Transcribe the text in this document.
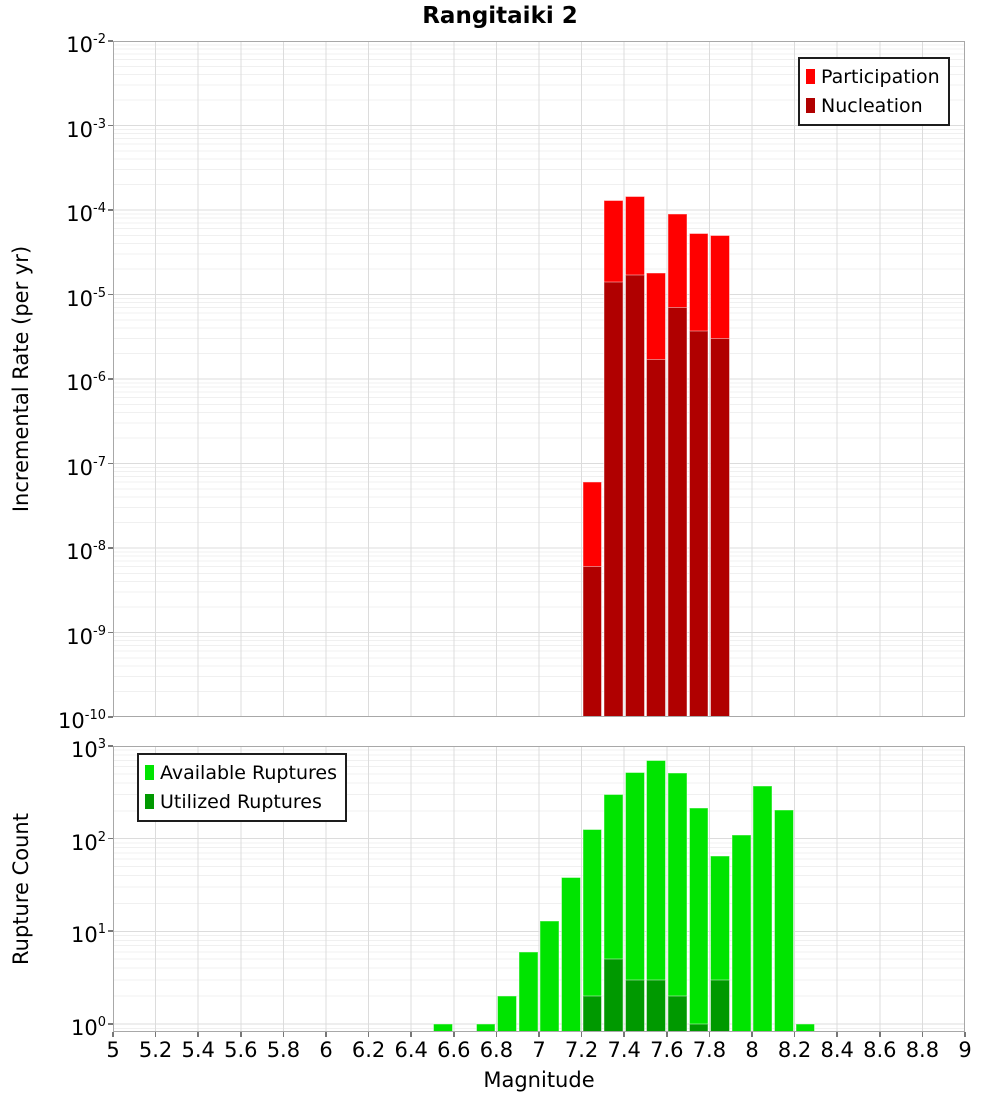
Rangitaiki 2
Incremental Rate (per yr)
Rupture Count
Magnitude
Participation
Nucleation
Available Ruptures
Utilized Ruptures
$10^{-2}$
$10^{-3}$
$10^{-4}$
$10^{-5}$
$10^{-6}$
$10^{-7}$
$10^{-8}$
$10^{-9}$
$10^{-10}$
$10^3$
$10^2$
$10^1$
$10^0$
5 5.2 5.4 5.6 5.8 6 6.2 6.4 6.6 6.8 7 7.2 7.4 7.6 7.8 8 8.2 8.4 8.6 8.8 9
